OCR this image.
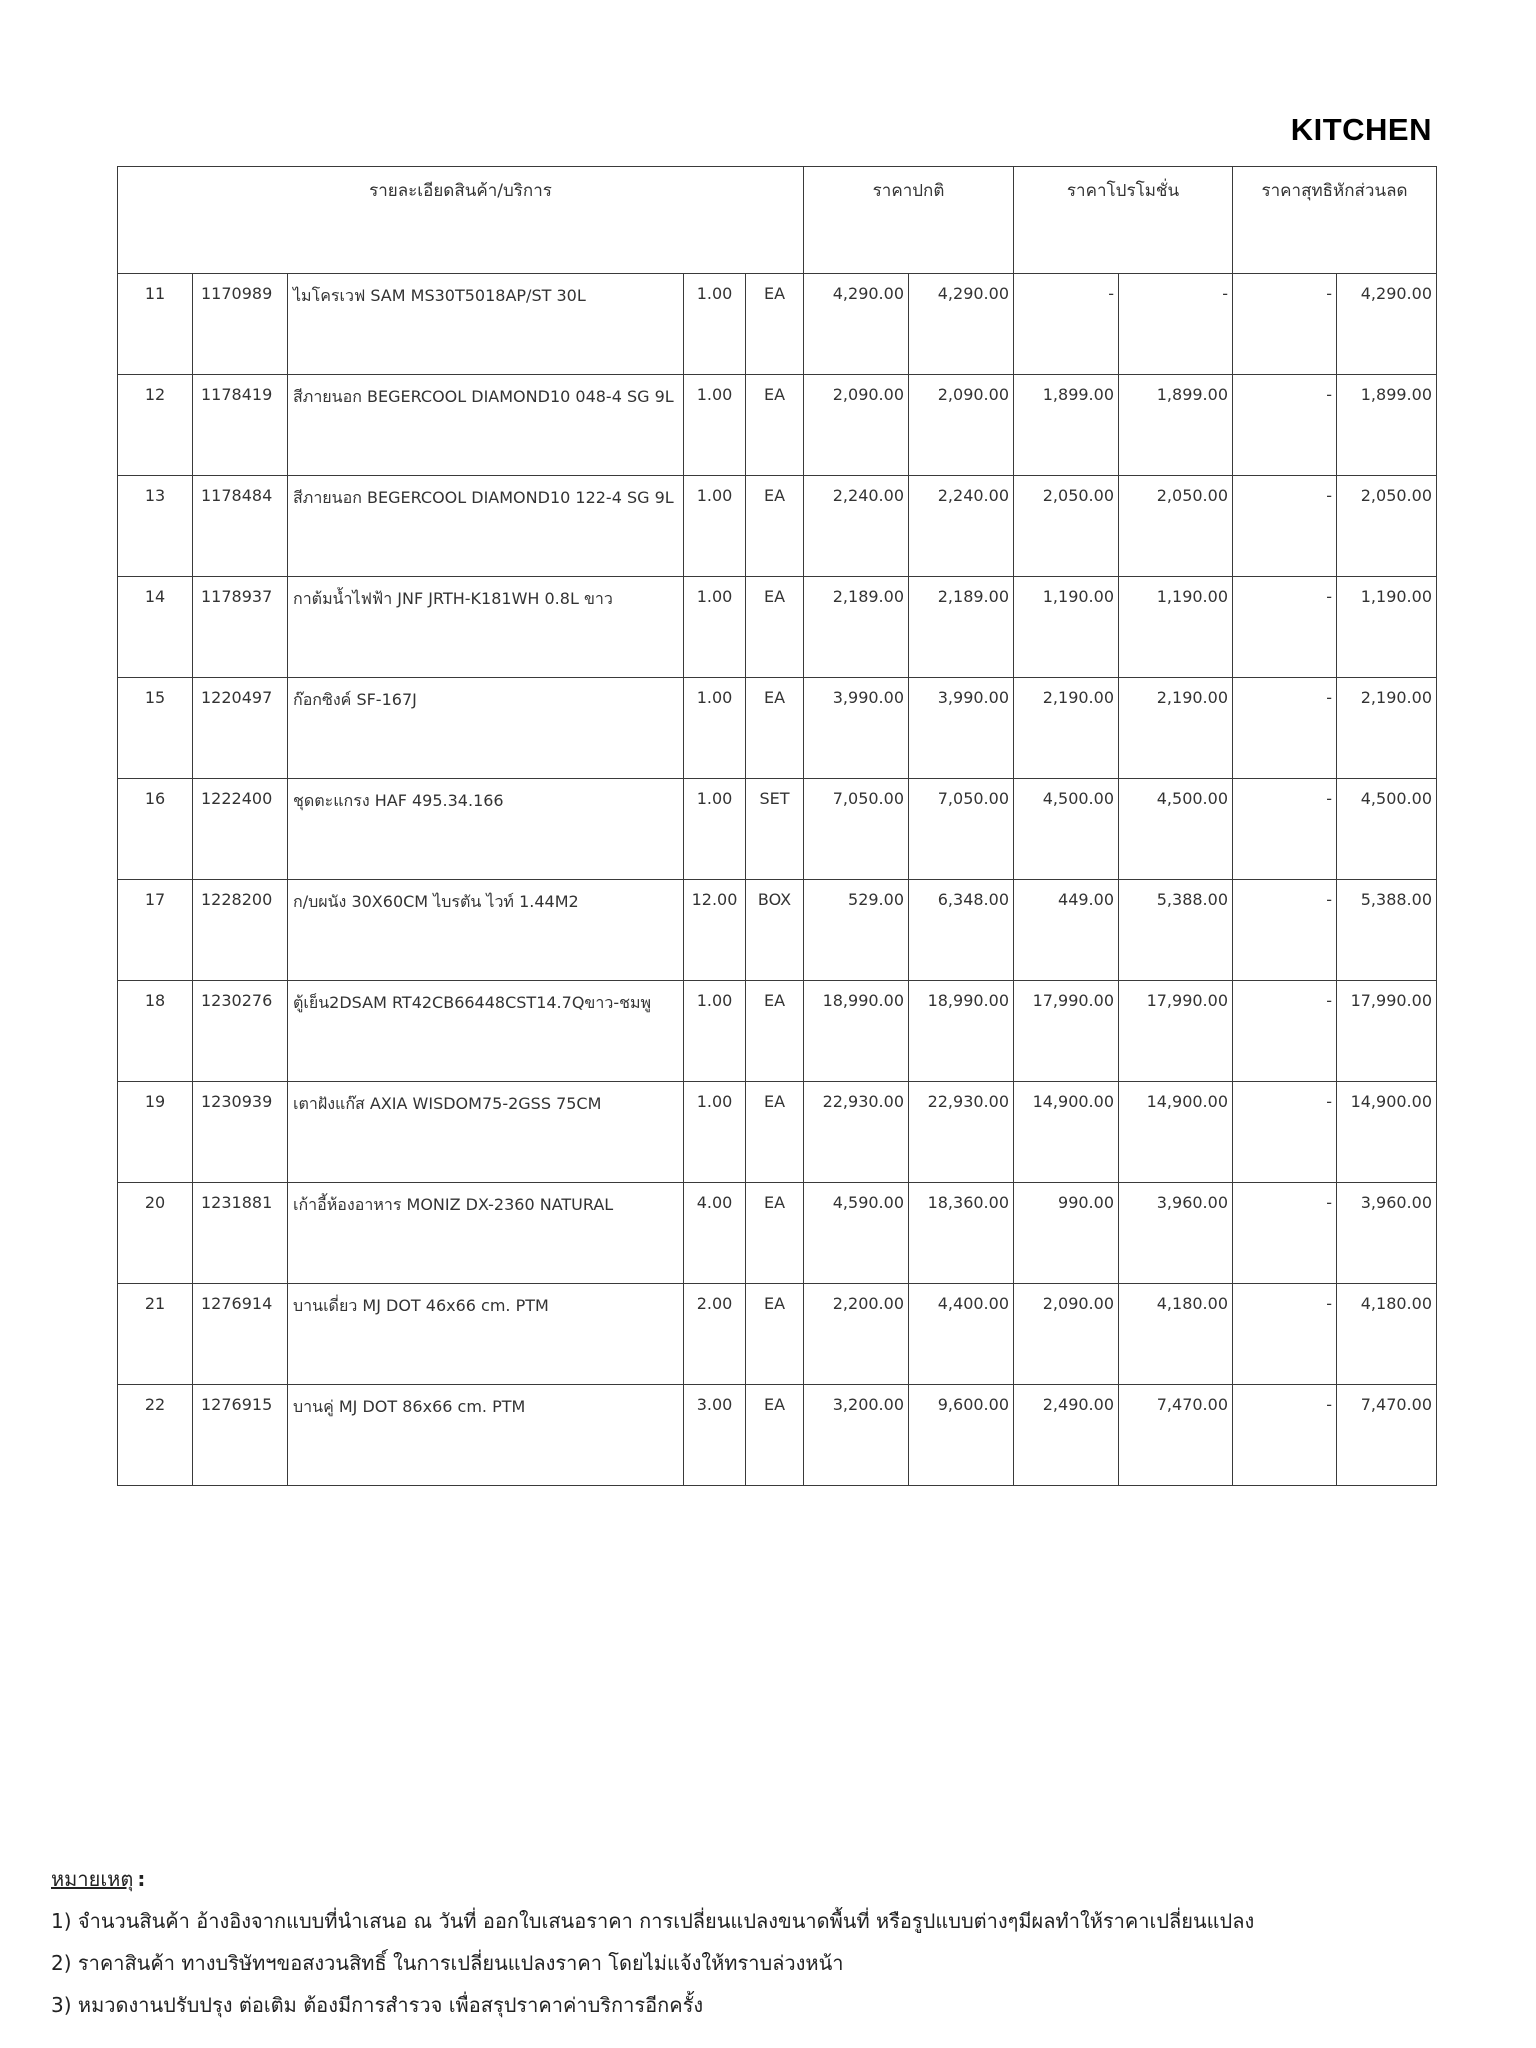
KITCHEN
รายละเอียดสินค้า/บริการ					ราคาปกติ		ราคาโปรโมชั่น		ราคาสุทธิหักส่วนลด	
11	1170989	ไมโครเวฟ SAM MS30T5018AP/ST 30L	1.00	EA	4,290.00	4,290.00	-	-	-	4,290.00
12	1178419	สีภายนอก BEGERCOOL DIAMOND10 048-4 SG 9L	1.00	EA	2,090.00	2,090.00	1,899.00	1,899.00	-	1,899.00
13	1178484	สีภายนอก BEGERCOOL DIAMOND10 122-4 SG 9L	1.00	EA	2,240.00	2,240.00	2,050.00	2,050.00	-	2,050.00
14	1178937	กาต้มน้ำไฟฟ้า JNF JRTH-K181WH 0.8L ขาว	1.00	EA	2,189.00	2,189.00	1,190.00	1,190.00	-	1,190.00
15	1220497	ก๊อกซิงค์ SF-167J	1.00	EA	3,990.00	3,990.00	2,190.00	2,190.00	-	2,190.00
16	1222400	ชุดตะแกรง HAF 495.34.166	1.00	SET	7,050.00	7,050.00	4,500.00	4,500.00	-	4,500.00
17	1228200	ก/บผนัง 30X60CM ไบรตัน ไวท์ 1.44M2	12.00	BOX	529.00	6,348.00	449.00	5,388.00	-	5,388.00
18	1230276	ตู้เย็น2DSAM RT42CB66448CST14.7Qขาว-ชมพู	1.00	EA	18,990.00	18,990.00	17,990.00	17,990.00	-	17,990.00
19	1230939	เตาฝังแก๊ส AXIA WISDOM75-2GSS 75CM	1.00	EA	22,930.00	22,930.00	14,900.00	14,900.00	-	14,900.00
20	1231881	เก้าอี้ห้องอาหาร MONIZ DX-2360 NATURAL	4.00	EA	4,590.00	18,360.00	990.00	3,960.00	-	3,960.00
21	1276914	บานเดี่ยว MJ DOT 46x66 cm. PTM	2.00	EA	2,200.00	4,400.00	2,090.00	4,180.00	-	4,180.00
22	1276915	บานคู่ MJ DOT 86x66 cm. PTM	3.00	EA	3,200.00	9,600.00	2,490.00	7,470.00	-	7,470.00
หมายเหตุ :
1) จำนวนสินค้า อ้างอิงจากแบบที่นำเสนอ ณ วันที่ ออกใบเสนอราคา การเปลี่ยนแปลงขนาดพื้นที่ หรือรูปแบบต่างๆมีผลทำให้ราคาเปลี่ยนแปลง
2) ราคาสินค้า ทางบริษัทฯขอสงวนสิทธิ์ ในการเปลี่ยนแปลงราคา โดยไม่แจ้งให้ทราบล่วงหน้า
3) หมวดงานปรับปรุง ต่อเติม ต้องมีการสำรวจ เพื่อสรุปราคาค่าบริการอีกครั้ง
